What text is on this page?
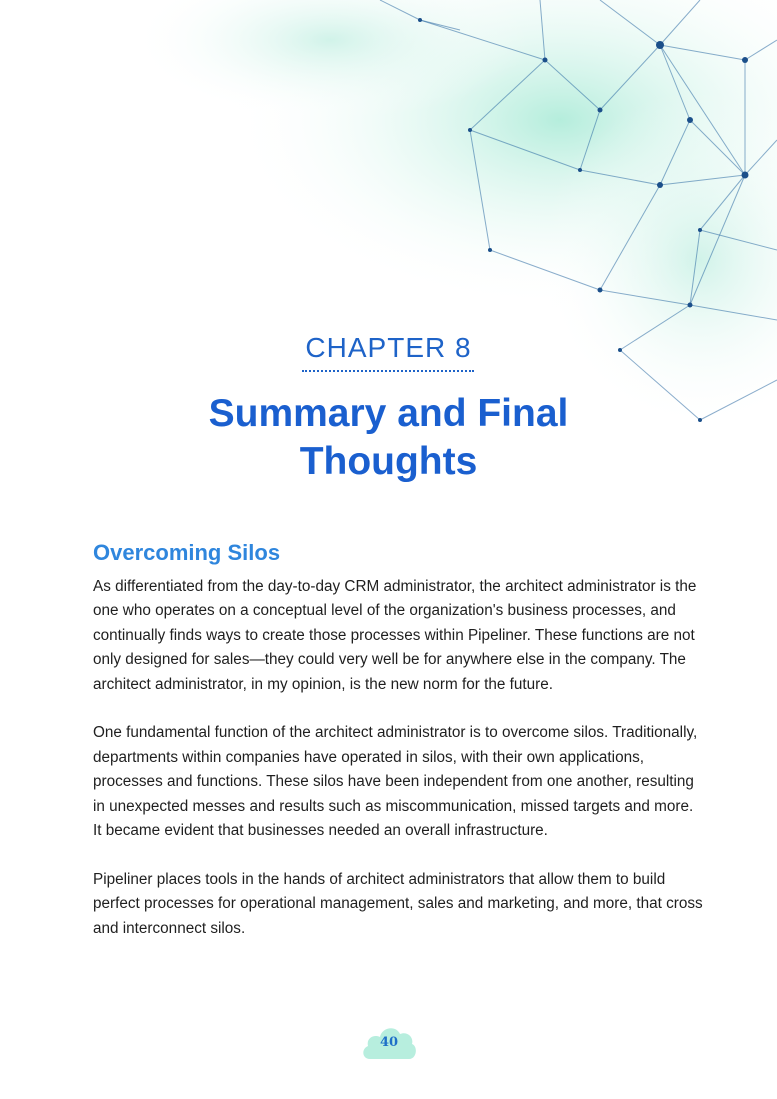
CHAPTER 8
Summary and Final Thoughts
Overcoming Silos

As differentiated from the day-to-day CRM administrator, the architect administrator is the one who operates on a conceptual level of the organization's business processes, and continually finds ways to create those processes within Pipeliner. These functions are not only designed for sales—they could very well be for anywhere else in the company. The architect administrator, in my opinion, is the new norm for the future.

One fundamental function of the architect administrator is to overcome silos. Traditionally, departments within companies have operated in silos, with their own applications, processes and functions. These silos have been independent from one another, resulting in unexpected messes and results such as miscommunication, missed targets and more. It became evident that businesses needed an overall infrastructure.

Pipeliner places tools in the hands of architect administrators that allow them to build perfect processes for operational management, sales and marketing, and more, that cross and interconnect silos.

40
